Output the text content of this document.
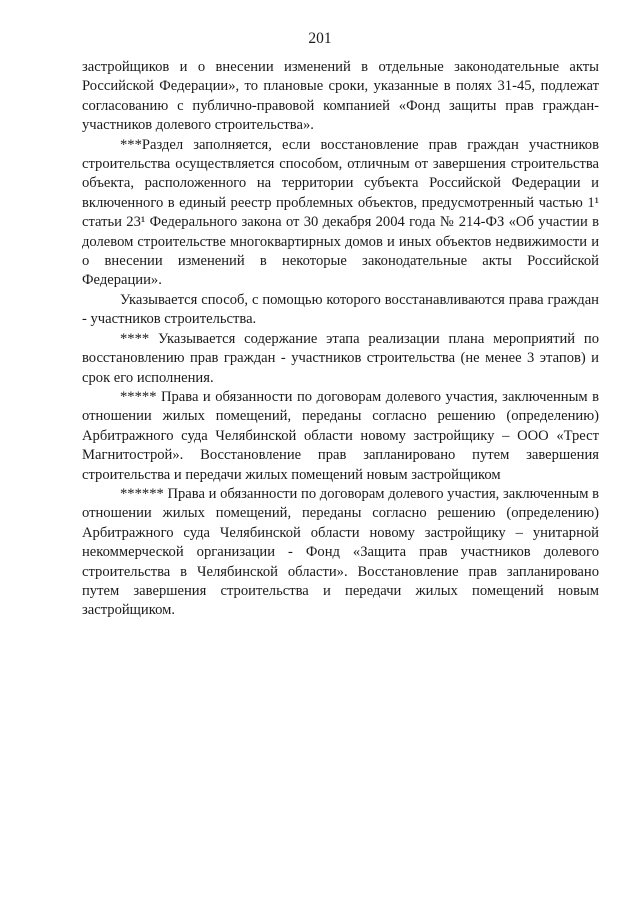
201

застройщиков и о внесении изменений в отдельные законодательные акты Российской Федерации», то плановые сроки, указанные в полях 31-45, подлежат согласованию с публично-правовой компанией «Фонд защиты прав граждан-участников долевого строительства».

***Раздел заполняется, если восстановление прав граждан участников строительства осуществляется способом, отличным от завершения строительства объекта, расположенного на территории субъекта Российской Федерации и включенного в единый реестр проблемных объектов, предусмотренный частью 1¹ статьи 23¹ Федерального закона от 30 декабря 2004 года № 214-ФЗ «Об участии в долевом строительстве многоквартирных домов и иных объектов недвижимости и о внесении изменений в некоторые законодательные акты Российской Федерации».

Указывается способ, с помощью которого восстанавливаются права граждан - участников строительства.

**** Указывается содержание этапа реализации плана мероприятий по восстановлению прав граждан - участников строительства (не менее 3 этапов) и срок его исполнения.

***** Права и обязанности по договорам долевого участия, заключенным в отношении жилых помещений, переданы согласно решению (определению) Арбитражного суда Челябинской области новому застройщику – ООО «Трест Магнитострой». Восстановление прав запланировано путем завершения строительства и передачи жилых помещений новым застройщиком

****** Права и обязанности по договорам долевого участия, заключенным в отношении жилых помещений, переданы согласно решению (определению) Арбитражного суда Челябинской области новому застройщику – унитарной некоммерческой организации - Фонд «Защита прав участников долевого строительства в Челябинской области». Восстановление прав запланировано путем завершения строительства и передачи жилых помещений новым застройщиком.
